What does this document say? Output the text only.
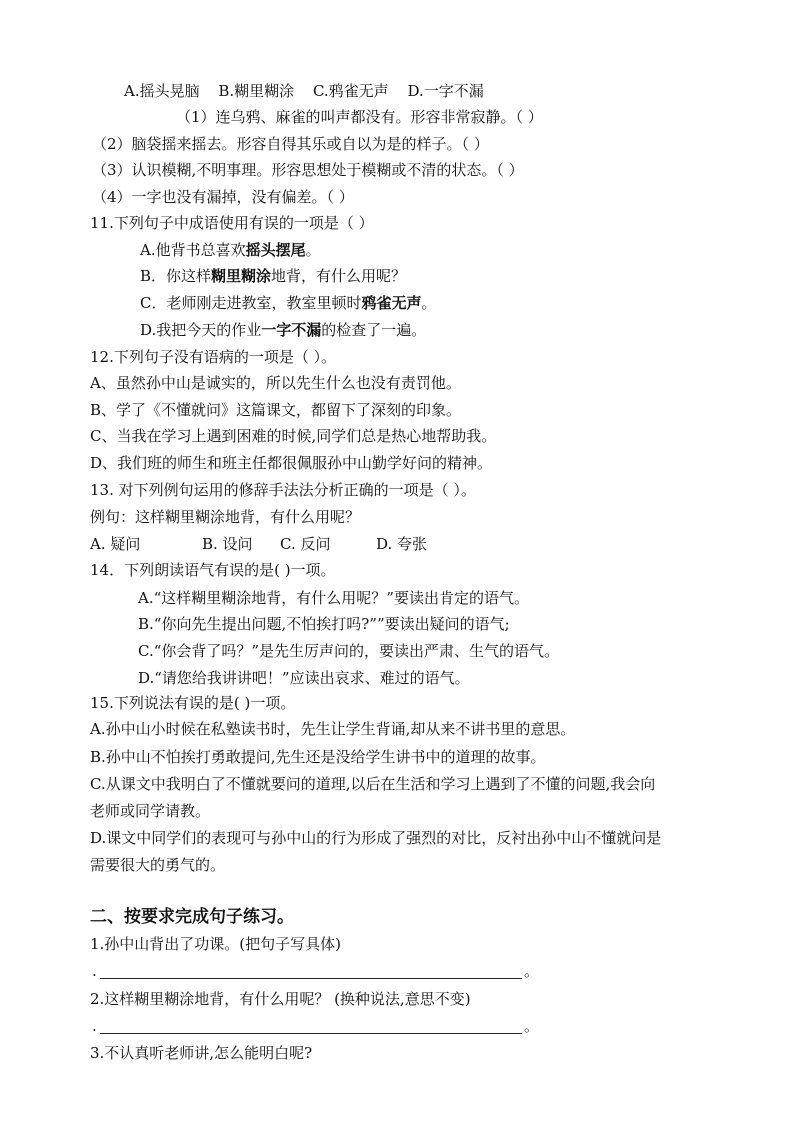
A.摇头晃脑 B.糊里糊涂 C.鸦雀无声 D.一字不漏
（1）连乌鸦、麻雀的叫声都没有。形容非常寂静。（ ）
（2）脑袋摇来摇去。形容自得其乐或自以为是的样子。（ ）
（3）认识模糊,不明事理。形容思想处于模糊或不清的状态。（ ）
（4）一字也没有漏掉，没有偏差。（ ）
11.下列句子中成语使用有误的一项是（ ）
A.他背书总喜欢摇头摆尾。
B．你这样糊里糊涂地背，有什么用呢？
C．老师刚走进教室，教室里顿时鸦雀无声。
D.我把今天的作业一字不漏的检查了一遍。
12.下列句子没有语病的一项是（ ）。
A、虽然孙中山是诚实的，所以先生什么也没有责罚他。
B、学了《不懂就问》这篇课文，都留下了深刻的印象。
C、当我在学习上遇到困难的时候,同学们总是热心地帮助我。
D、我们班的师生和班主任都很佩服孙中山勤学好问的精神。
13. 对下列例句运用的修辞手法法分析正确的一项是（ ）。
例句：这样糊里糊涂地背，有什么用呢？
A. 疑问	B. 设问 C. 反问	D. 夸张
14．下列朗读语气有误的是( )一项。
A.“这样糊里糊涂地背，有什么用呢？”要读出肯定的语气。
B.“你向先生提出问题,不怕挨打吗?””要读出疑问的语气;
C.“你会背了吗？”是先生厉声问的，要读出严肃、生气的语气。
D.“请您给我讲讲吧！”应读出哀求、难过的语气。
15.下列说法有误的是( )一项。
A.孙中山小时候在私塾读书时，先生让学生背诵,却从来不讲书里的意思。
B.孙中山不怕挨打勇敢提问,先生还是没给学生讲书中的道理的故事。
C.从课文中我明白了不懂就要问的道理,以后在生活和学习上遇到了不懂的问题,我会向
老师或同学请教。
D.课文中同学们的表现可与孙中山的行为形成了强烈的对比，反衬出孙中山不懂就问是
需要很大的勇气的。
二、按要求完成句子练习。
1.孙中山背出了功课。(把句子写具体)
.	。
2.这样糊里糊涂地背，有什么用呢？ (换种说法,意思不变)
.	。
3.不认真听老师讲,怎么能明白呢?
